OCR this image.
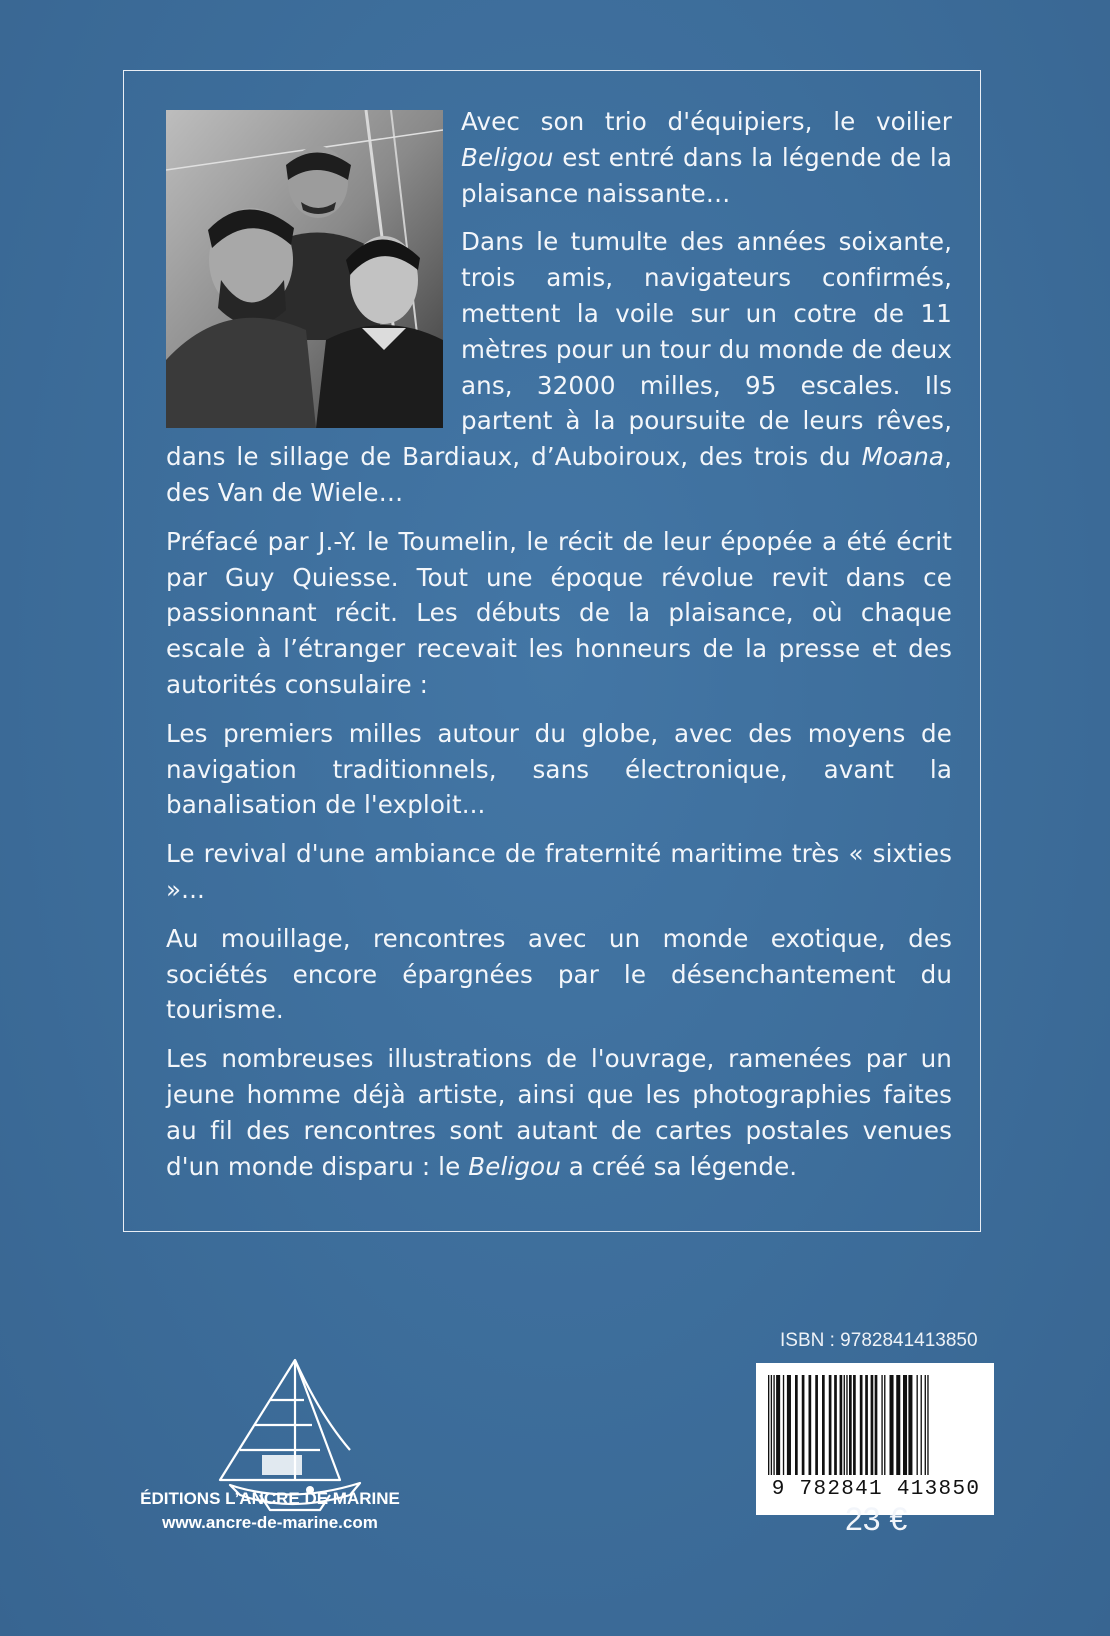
Avec son trio d'équipiers, le voilier Beligou est entré dans la légende de la plaisance naissante…

Dans le tumulte des années soixante, trois amis, navigateurs confirmés, mettent la voile sur un cotre de 11 mètres pour un tour du monde de deux ans, 32000 milles, 95 escales. Ils partent à la poursuite de leurs rêves, dans le sillage de Bardiaux, d’Auboiroux, des trois du Moana, des Van de Wiele…

Préfacé par J.-Y. le Toumelin, le récit de leur épopée a été écrit par Guy Quiesse. Tout une époque révolue revit dans ce passionnant récit. Les débuts de la plaisance, où chaque escale à l’étranger recevait les honneurs de la presse et des autorités consulaire :

Les premiers milles autour du globe, avec des moyens de navigation traditionnels, sans électronique, avant la banalisation de l'exploit...

Le revival d'une ambiance de fraternité maritime très « sixties »...

Au mouillage, rencontres avec un monde exotique, des sociétés encore épargnées par le désenchantement du tourisme.

Les nombreuses illustrations de l'ouvrage, ramenées par un jeune homme déjà artiste, ainsi que les photographies faites au fil des rencontres sont autant de cartes postales venues d'un monde disparu : le Beligou a créé sa légende.

ÉDITIONS L’ANCRE DE MARINE
www.ancre-de-marine.com
ISBN : 9782841413850
9 782841 413850
23 €
